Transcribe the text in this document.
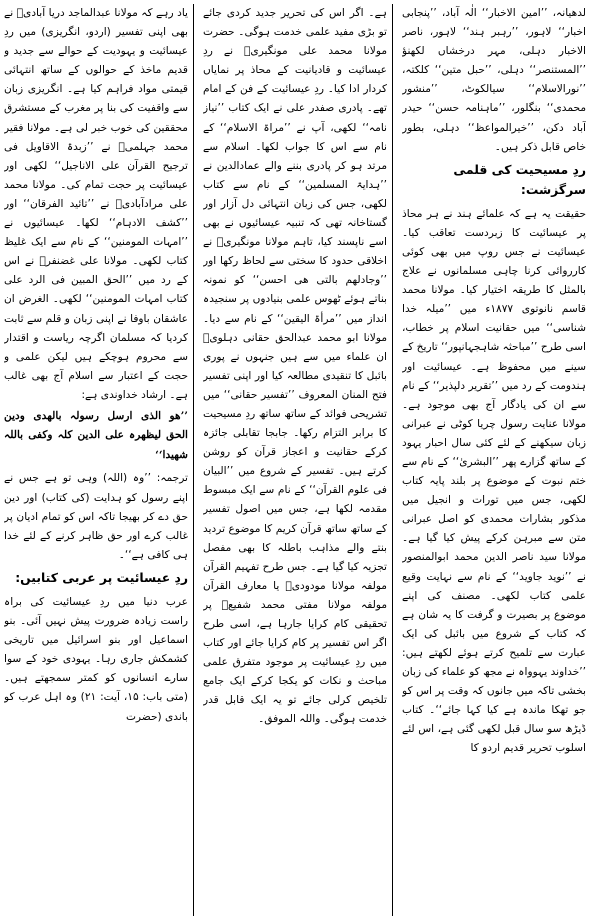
لدھیانہ، ’’امین الاخبار‘‘ الٰہ آباد، ’’پنجابی اخبار‘‘ لاہور، ’’رہبر ہند‘‘ لاہور، ناصر الاخبار دہلی، مہر درخشاں لکھنؤ ’’المستنصر‘‘ دہلی، ’’حبل متین‘‘ کلکتہ، ’’نورالاسلام‘‘ سیالکوٹ، ’’منشور محمدی‘‘ بنگلور، ’’ماہنامہ حسن‘‘ حیدر آباد دکن، ’’خیرالمواعظ‘‘ دہلی، بطور خاص قابل ذکر ہیں۔

ردِ مسیحیت کی قلمی سرگزشت:

حقیقت یہ ہے کہ علمائے ہند نے ہر محاذ پر عیسائیت کا زبردست تعاقب کیا۔ عیسائیت نے جس روپ میں بھی کوئی کارروائی کرنا چاہی مسلمانوں نے علاج بالمثل کا طریقہ اختیار کیا۔ مولانا محمد قاسم نانوتوی ۱۸۷۷ء میں ’’میلہ خدا شناسی‘‘ میں حقانیت اسلام پر خطاب، اسی طرح ’’مباحثہ شاہجہانپور‘‘ تاریخ کے سینے میں محفوظ ہے۔ عیسائیت اور ہندومت کے رد میں ’’تقریر دلپذیر‘‘ کے نام سے ان کی یادگار آج بھی موجود ہے۔ مولانا عنایت رسول چریا کوٹی نے عبرانی زبان سیکھنے کے لئے کئی سال احبار یہود کے ساتھ گزارے پھر ’’البشریٰ‘‘ کے نام سے ختم نبوت کے موضوع پر بلند پایہ کتاب لکھی، جس میں تورات و انجیل میں مذکور بشارات محمدی کو اصل عبرانی متن سے مبرہن کرکے پیش کیا گیا ہے۔ مولانا سید ناصر الدین محمد ابوالمنصور نے ’’نوید جاوید‘‘ کے نام سے نہایت وقیع علمی کتاب لکھی۔ مصنف کی اپنے موضوع پر بصیرت و گرفت کا یہ شان ہے کہ کتاب کے شروع میں بائبل کی ایک عبارت سے تلمیح کرتے ہوئے لکھتے ہیں: ’’خداوند یہوواہ نے مجھ کو علماء کی زبان بخشی تاکہ میں جانوں کہ وقت پر اس کو جو تھکا ماندہ ہے کیا کہا جائے‘‘۔ کتاب ڈیڑھ سو سال قبل لکھی گئی ہے، اس لئے اسلوب تحریر قدیم اردو کا

ہے۔ اگر اس کی تحریر جدید کردی جائے تو بڑی مفید علمی خدمت ہوگی۔ حضرت مولانا محمد علی مونگیریؒ نے ردِ عیسائیت و قادیانیت کے محاذ پر نمایاں کردار ادا کیا۔ ردِ عیسائیت کے فن کے امام تھے۔ پادری صفدر علی نے ایک کتاب ’’نیاز نامہ‘‘ لکھی، آپ نے ’’مراۃ الاسلام‘‘ کے نام سے اس کا جواب لکھا۔ اسلام سے مرتد ہو کر پادری بننے والے عمادالدین نے ’’ہدایۃ المسلمین‘‘ کے نام سے کتاب لکھی، جس کی زبان انتہائی دل آزار اور گستاخانہ تھی کہ تنبیہ عیسائیوں نے بھی اسے ناپسند کیا، تاہم مولانا مونگیریؒ نے اخلاقی حدود کا سختی سے لحاظ رکھا اور ’’وجادلھم بالتی ھی احسن‘‘ کو نمونہ بناتے ہوئے ٹھوس علمی بنیادوں پر سنجیدہ انداز میں ’’مرأۃ الیقین‘‘ کے نام سے دیا۔ مولانا ابو محمد عبدالحق حقانی دہلویؒ ان علماء میں سے ہیں جنہوں نے پوری بائبل کا تنقیدی مطالعہ کیا اور اپنی تفسیر فتح المنان المعروف ’’تفسیر حقانی‘‘ میں تشریحی فوائد کے ساتھ ساتھ ردِ مسیحیت کا برابر التزام رکھا۔ جابجا تقابلی جائزہ کرکے حقانیت و اعجاز قرآن کو روشن کرتے ہیں۔ تفسیر کے شروع میں ’’البیان فی علوم القرآن‘‘ کے نام سے ایک مبسوط مقدمہ لکھا ہے، جس میں اصول تفسیر کے ساتھ ساتھ قرآن کریم کا موضوع تردید بنتے والے مذاہب باطلہ کا بھی مفصل تجزیہ کیا گیا ہے۔ جس طرح تفہیم القرآن مولفہ مولانا مودودیؒ یا معارف القرآن مولفہ مولانا مفتی محمد شفیعؒ پر تحقیقی کام کرایا جارہا ہے، اسی طرح اگر اس تفسیر پر کام کرایا جائے اور کتاب میں ردِ عیسائیت پر موجود متفرق علمی مباحث و نکات کو یکجا کرکے ایک جامع تلخیص کرلی جائے تو یہ ایک قابل قدر خدمت ہوگی۔ واللہ الموفق۔

یاد رہے کہ مولانا عبدالماجد دریا آبادیؒ نے بھی اپنی تفسیر (اردو، انگریزی) میں ردِ عیسائیت و یہودیت کے حوالے سے جدید و قدیم ماخذ کے حوالوں کے ساتھ انتہائی قیمتی مواد فراہم کیا ہے۔ انگریزی زبان سے واقفیت کی بنا پر مغرب کے مستشرق محققین کی خوب خبر لی ہے۔ مولانا فقیر محمد جہلمیؒ نے ’’زبدۃ الاقاویل فی ترجیح القرآن علی الاناجیل‘‘ لکھی اور عیسائیت پر حجت تمام کی۔ مولانا محمد علی مرادآبادیؒ نے ’’تائید الفرقان‘‘ اور ’’کشف الادہام‘‘ لکھا۔ عیسائیوں نے ’’امہات المومنین‘‘ کے نام سے ایک غلیظ کتاب لکھی۔ مولانا علی غضنفرؒ نے اس کے رد میں ’’الحق المبین فی الرد علی کتاب امہات المومنین‘‘ لکھی۔ الغرض ان عاشقان باوفا نے اپنی زبان و قلم سے ثابت کردیا کہ مسلمان اگرچہ ریاست و اقتدار سے محروم ہوچکے ہیں لیکن علمی و حجت کے اعتبار سے اسلام آج بھی غالب ہے۔ ارشاد خداوندی ہے:

’’ھو الذی ارسل رسولہ بالھدی ودین الحق لیظھرہ علی الدین کلہ وکفی باللہ شھیدا‘‘

ترجمہ: ’’وہ (اللہ) وہی تو ہے جس نے اپنے رسول کو ہدایت (کی کتاب) اور دین حق دے کر بھیجا تاکہ اس کو تمام ادیان پر غالب کرے اور حق ظاہر کرنے کے لئے خدا ہی کافی ہے‘‘۔

ردِ عیسائیت پر عربی کتابیں:

عرب دنیا میں ردِ عیسائیت کی براہ راست زیادہ ضرورت پیش نہیں آئی۔ بنو اسماعیل اور بنو اسرائیل میں تاریخی کشمکش جاری رہا۔ یہودی خود کے سوا سارے انسانوں کو کمتر سمجھتے ہیں۔ (متی باب: ۱۵، آیت: ۲۱) وہ اہل عرب کو باندی (حضرت
